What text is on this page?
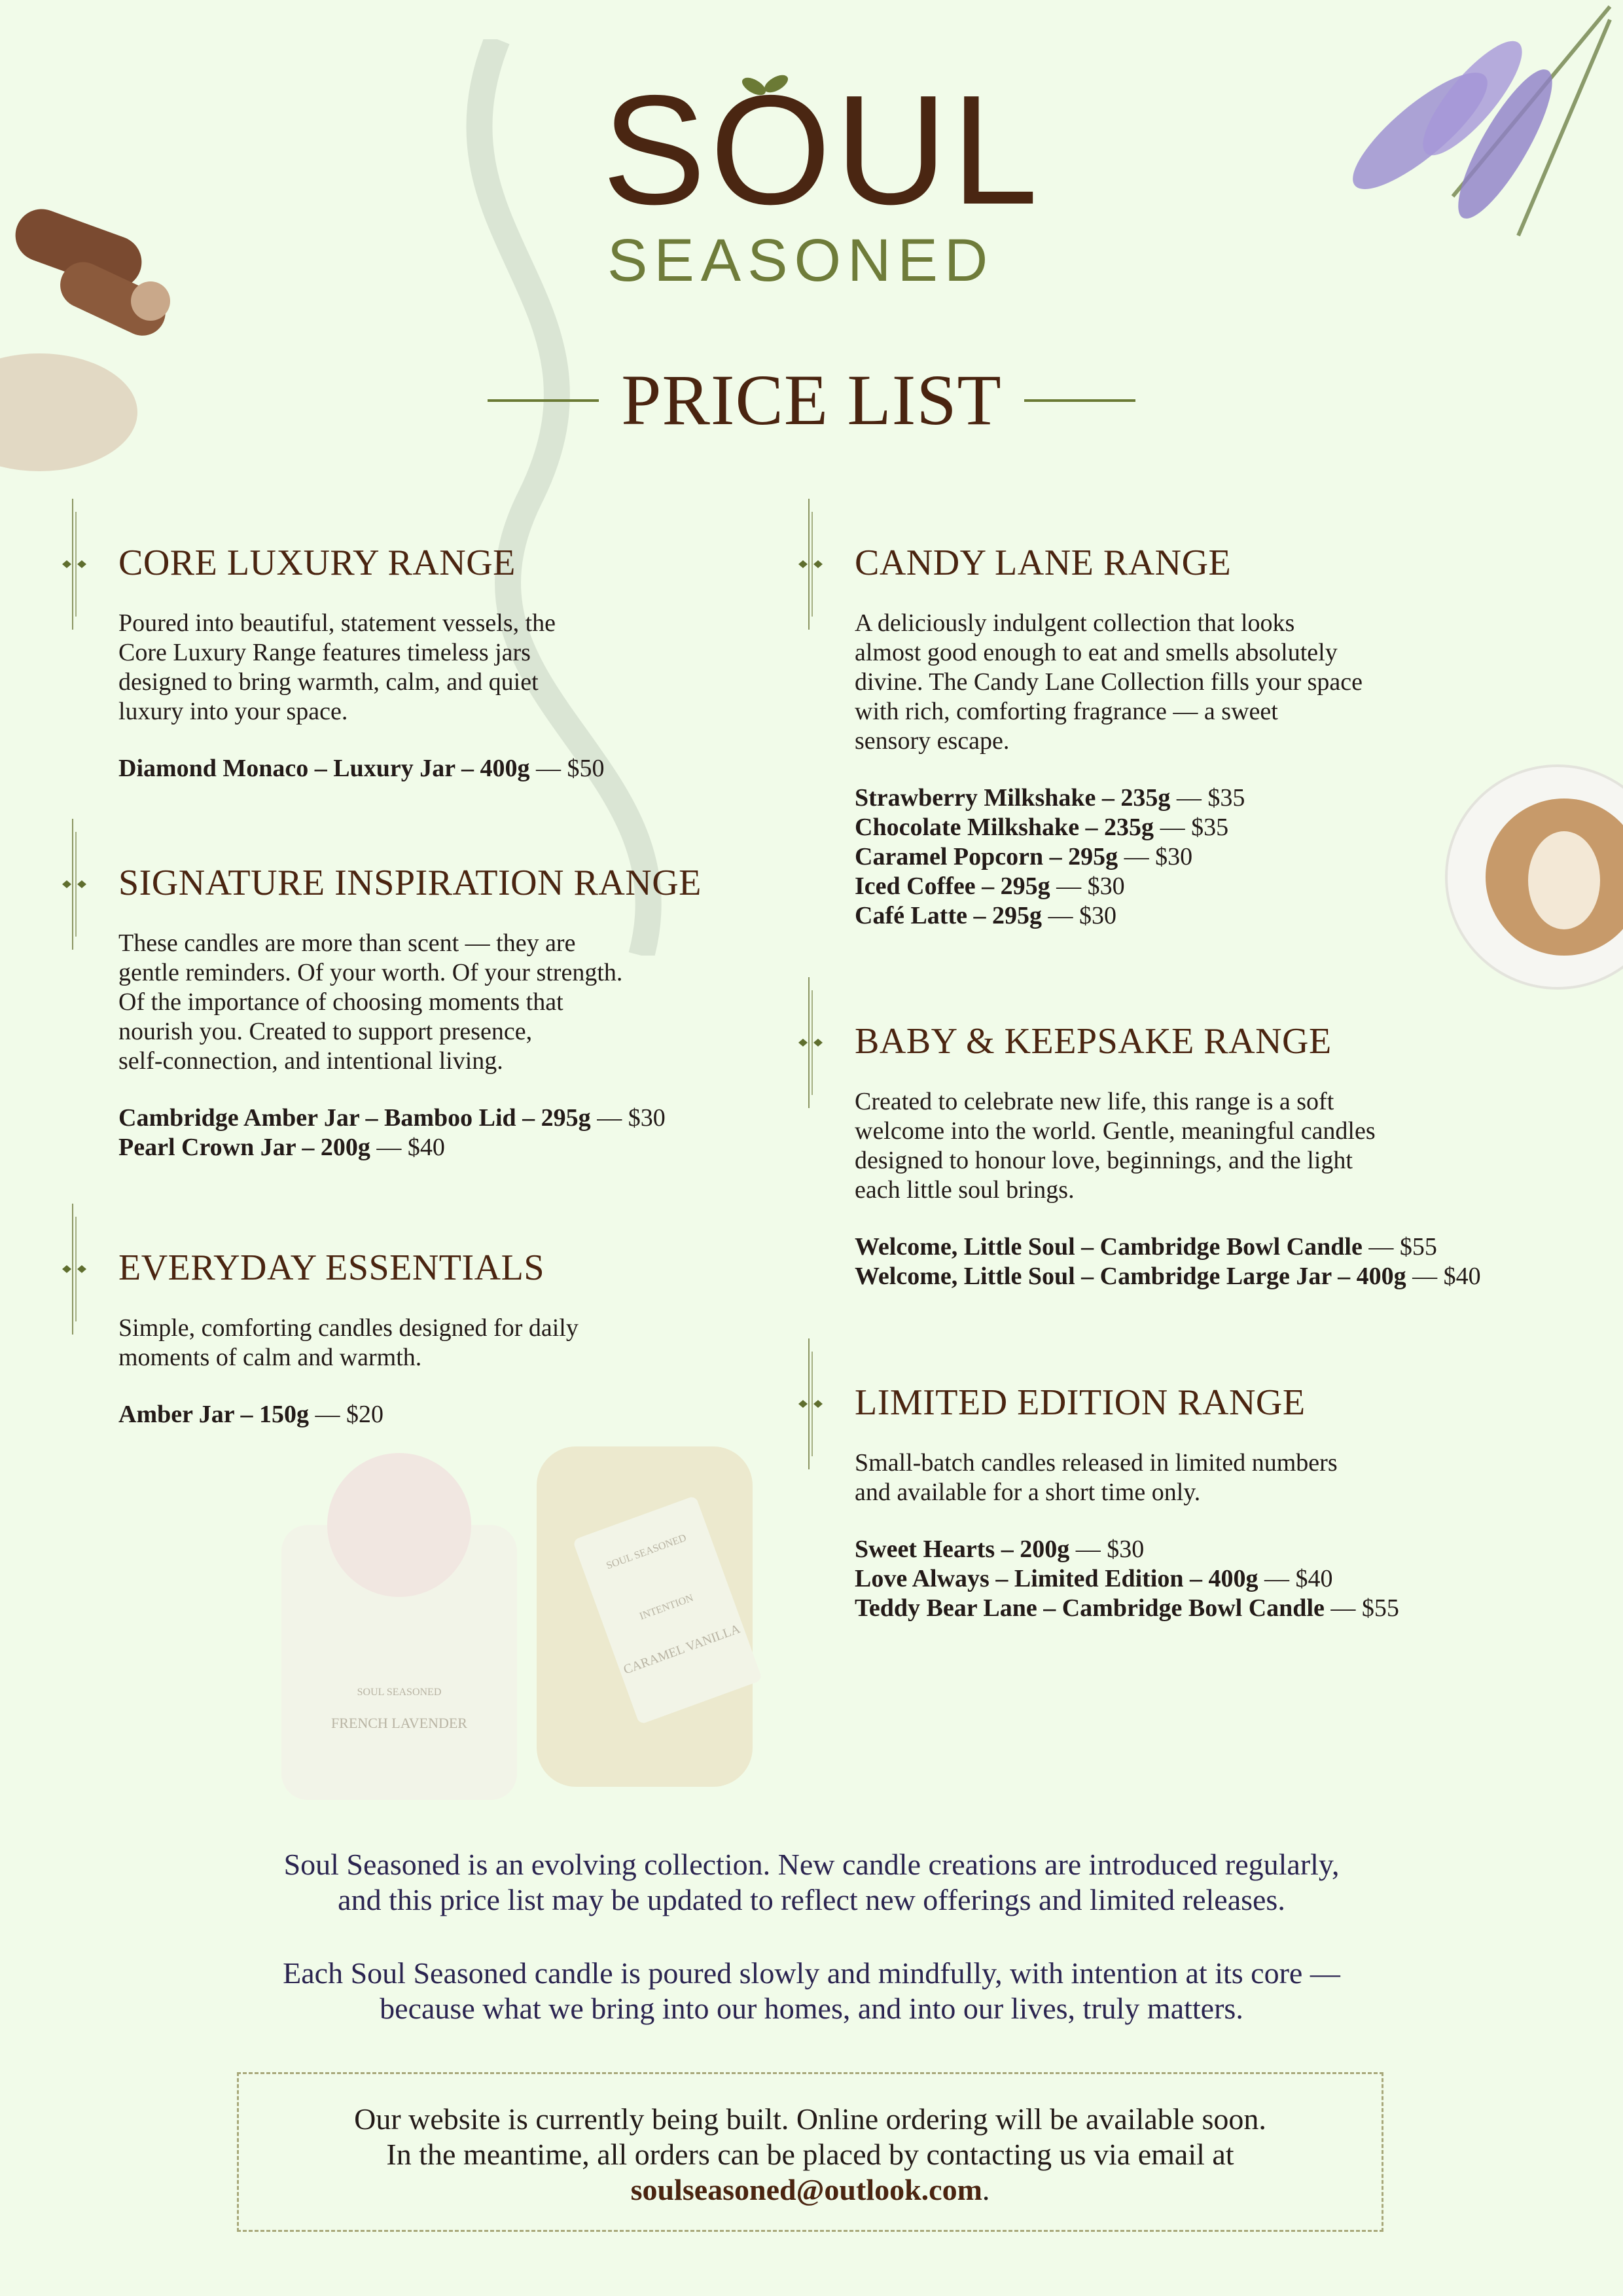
FRENCH LAVENDER
SOUL SEASONED
SOUL SEASONED
INTENTION
CARAMEL VANILLA
SOUL
SEASONED
PRICE LIST
CORE LUXURY RANGE
Poured into beautiful, statement vessels, the
Core Luxury Range features timeless jars
designed to bring warmth, calm, and quiet
luxury into your space.
Diamond Monaco – Luxury Jar – 400g — $50
SIGNATURE INSPIRATION RANGE
These candles are more than scent — they are
gentle reminders. Of your worth. Of your strength.
Of the importance of choosing moments that
nourish you. Created to support presence,
self-connection, and intentional living.
Cambridge Amber Jar – Bamboo Lid – 295g — $30
Pearl Crown Jar – 200g — $40
EVERYDAY ESSENTIALS
Simple, comforting candles designed for daily
moments of calm and warmth.
Amber Jar – 150g — $20
CANDY LANE RANGE
A deliciously indulgent collection that looks
almost good enough to eat and smells absolutely
divine. The Candy Lane Collection fills your space
with rich, comforting fragrance — a sweet
sensory escape.
Strawberry Milkshake – 235g — $35
Chocolate Milkshake – 235g — $35
Caramel Popcorn – 295g — $30
Iced Coffee – 295g — $30
Café Latte – 295g — $30
BABY & KEEPSAKE RANGE
Created to celebrate new life, this range is a soft
welcome into the world. Gentle, meaningful candles
designed to honour love, beginnings, and the light
each little soul brings.
Welcome, Little Soul – Cambridge Bowl Candle — $55
Welcome, Little Soul – Cambridge Large Jar – 400g — $40
LIMITED EDITION RANGE
Small-batch candles released in limited numbers
and available for a short time only.
Sweet Hearts – 200g — $30
Love Always – Limited Edition – 400g — $40
Teddy Bear Lane – Cambridge Bowl Candle — $55
Soul Seasoned is an evolving collection. New candle creations are introduced regularly,
and this price list may be updated to reflect new offerings and limited releases.
Each Soul Seasoned candle is poured slowly and mindfully, with intention at its core —
because what we bring into our homes, and into our lives, truly matters.
Our website is currently being built. Online ordering will be available soon.
In the meantime, all orders can be placed by contacting us via email at
soulseasoned@outlook.com.
